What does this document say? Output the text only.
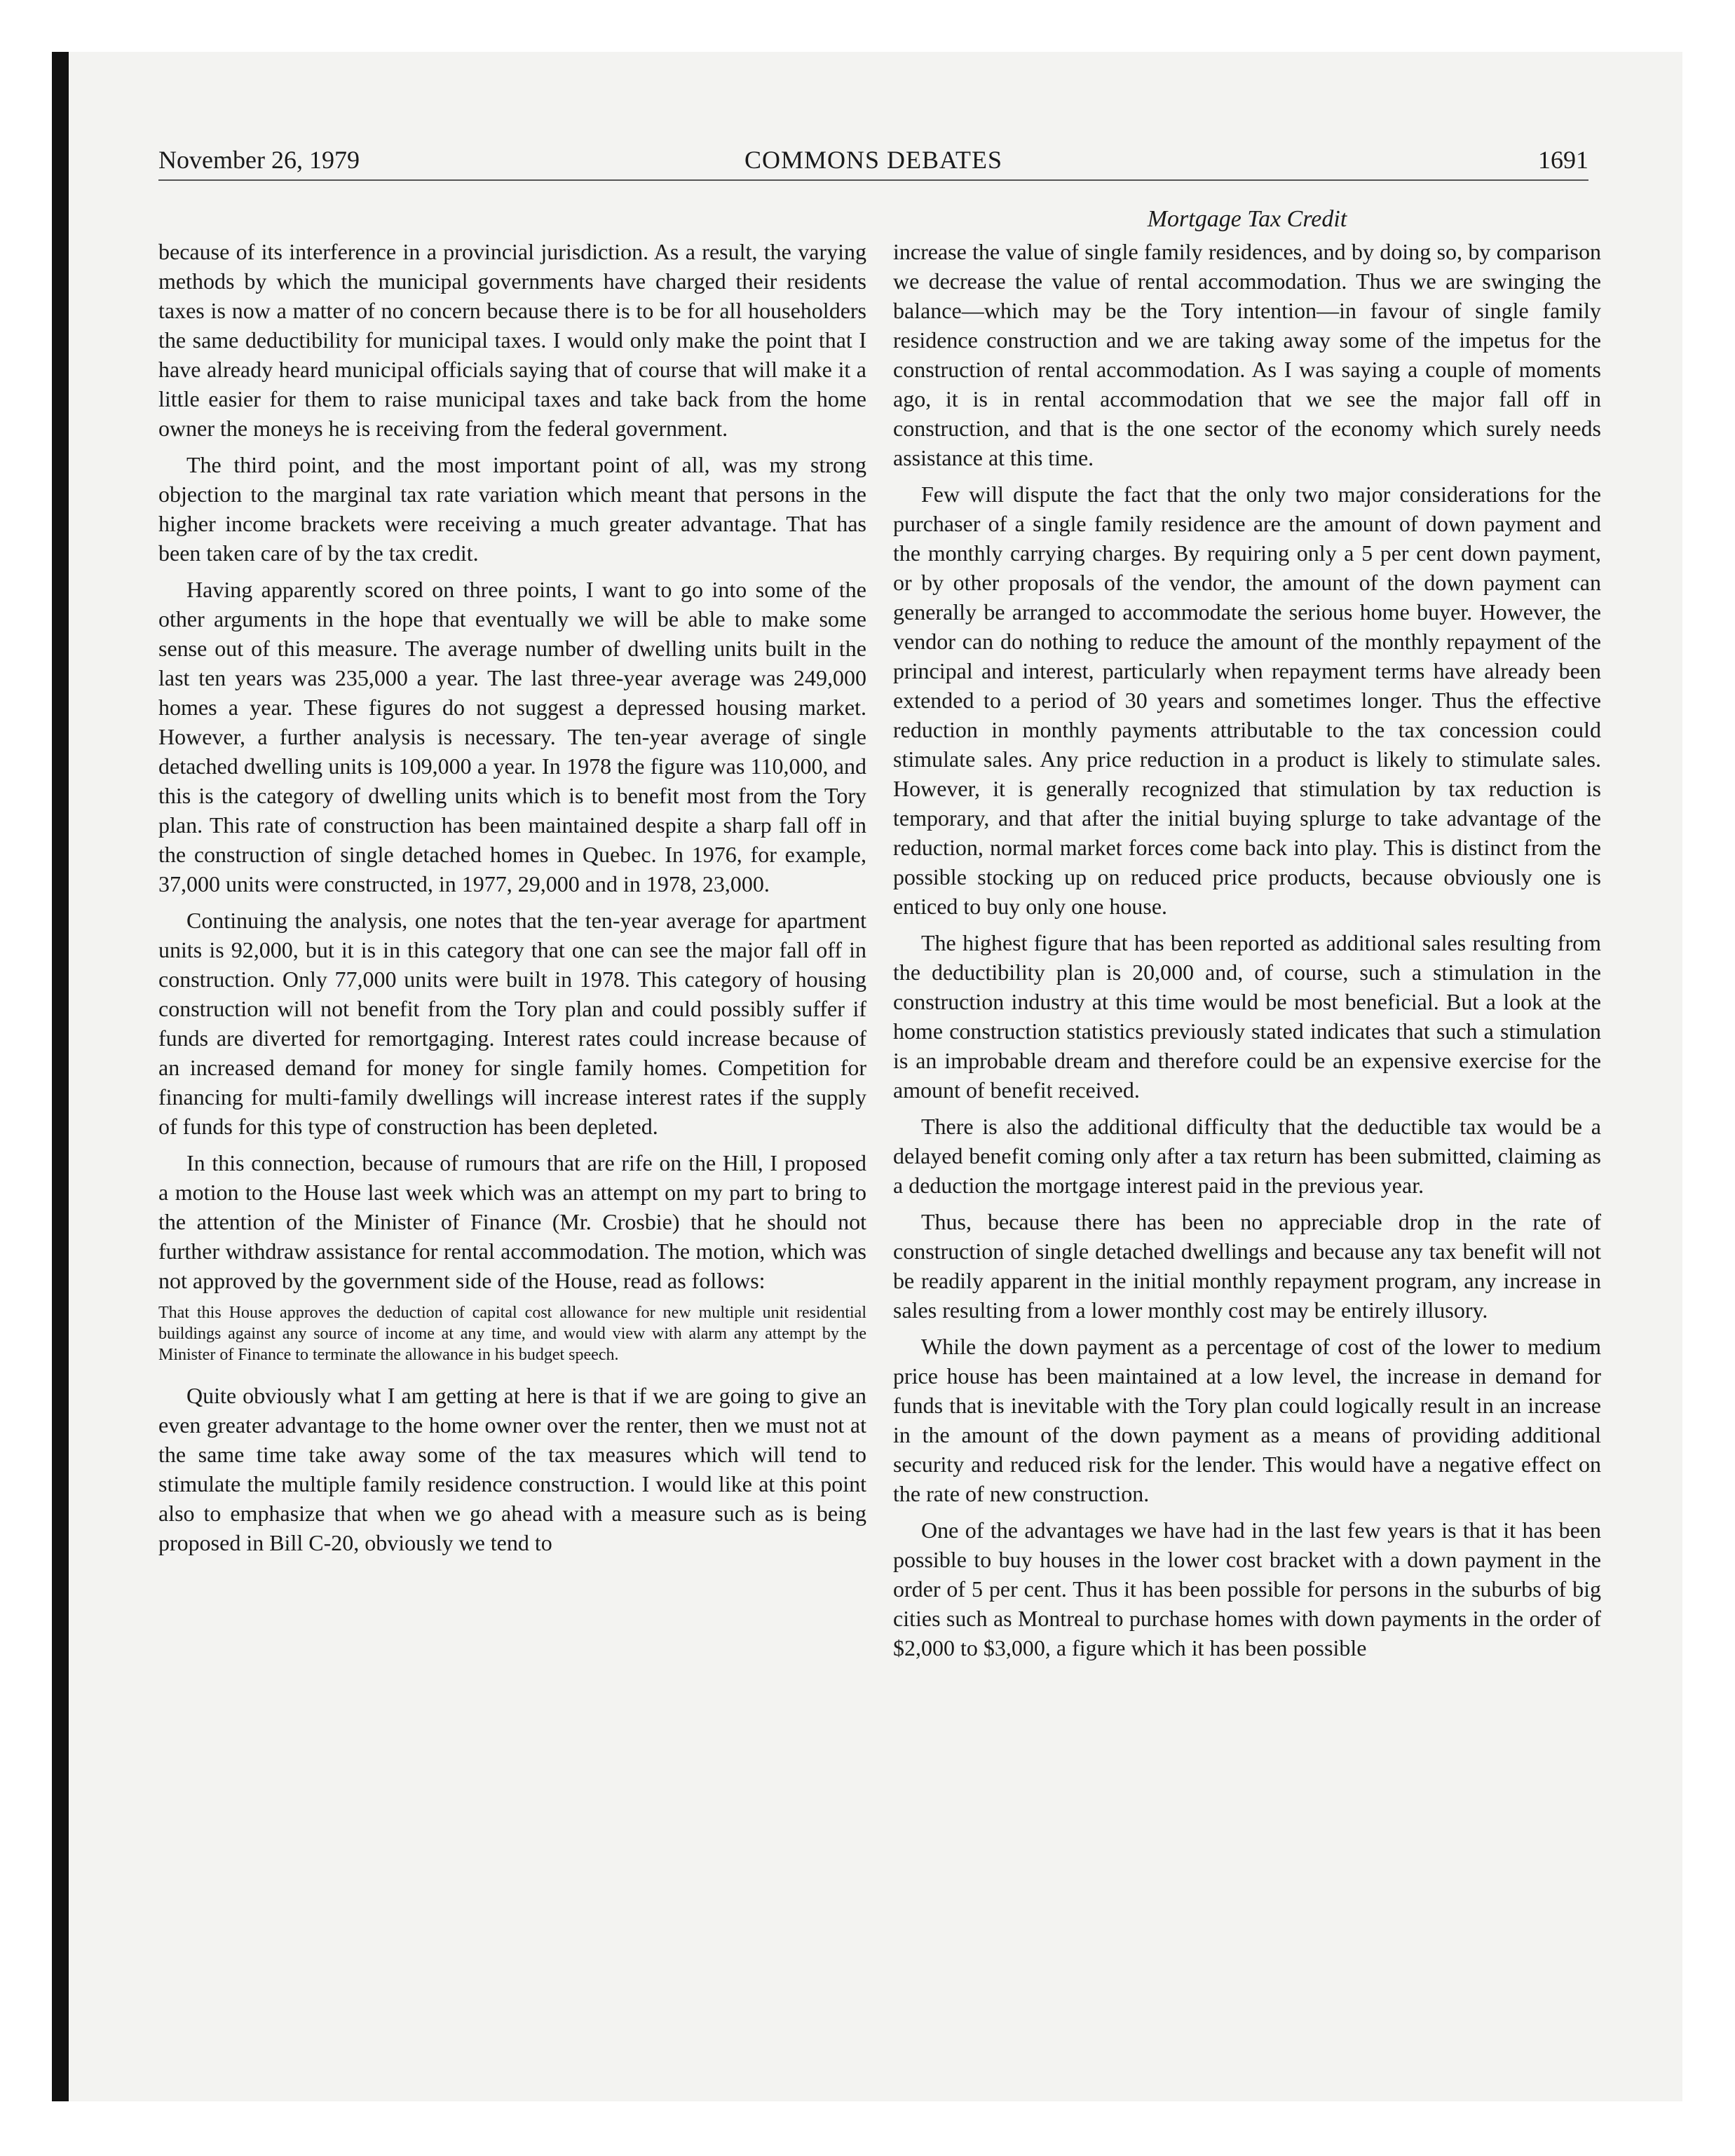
November 26, 1979	COMMONS DEBATES	1691

because of its interference in a provincial jurisdiction. As a result, the varying methods by which the municipal governments have charged their residents taxes is now a matter of no concern because there is to be for all householders the same deductibility for municipal taxes. I would only make the point that I have already heard municipal officials saying that of course that will make it a little easier for them to raise municipal taxes and take back from the home owner the moneys he is receiving from the federal government.

The third point, and the most important point of all, was my strong objection to the marginal tax rate variation which meant that persons in the higher income brackets were receiving a much greater advantage. That has been taken care of by the tax credit.

Having apparently scored on three points, I want to go into some of the other arguments in the hope that eventually we will be able to make some sense out of this measure. The average number of dwelling units built in the last ten years was 235,000 a year. The last three-year average was 249,000 homes a year. These figures do not suggest a depressed housing market. However, a further analysis is necessary. The ten-year average of single detached dwelling units is 109,000 a year. In 1978 the figure was 110,000, and this is the category of dwelling units which is to benefit most from the Tory plan. This rate of construction has been maintained despite a sharp fall off in the construction of single detached homes in Quebec. In 1976, for example, 37,000 units were constructed, in 1977, 29,000 and in 1978, 23,000.

Continuing the analysis, one notes that the ten-year average for apartment units is 92,000, but it is in this category that one can see the major fall off in construction. Only 77,000 units were built in 1978. This category of housing construction will not benefit from the Tory plan and could possibly suffer if funds are diverted for remortgaging. Interest rates could increase because of an increased demand for money for single family homes. Competition for financing for multi-family dwellings will increase interest rates if the supply of funds for this type of construction has been depleted.

In this connection, because of rumours that are rife on the Hill, I proposed a motion to the House last week which was an attempt on my part to bring to the attention of the Minister of Finance (Mr. Crosbie) that he should not further withdraw assistance for rental accommodation. The motion, which was not approved by the government side of the House, read as follows:

That this House approves the deduction of capital cost allowance for new multiple unit residential buildings against any source of income at any time, and would view with alarm any attempt by the Minister of Finance to terminate the allowance in his budget speech.

Quite obviously what I am getting at here is that if we are going to give an even greater advantage to the home owner over the renter, then we must not at the same time take away some of the tax measures which will tend to stimulate the multiple family residence construction. I would like at this point also to emphasize that when we go ahead with a measure such as is being proposed in Bill C-20, obviously we tend to

Mortgage Tax Credit

increase the value of single family residences, and by doing so, by comparison we decrease the value of rental accommodation. Thus we are swinging the balance—which may be the Tory intention—in favour of single family residence construction and we are taking away some of the impetus for the construction of rental accommodation. As I was saying a couple of moments ago, it is in rental accommodation that we see the major fall off in construction, and that is the one sector of the economy which surely needs assistance at this time.

Few will dispute the fact that the only two major considerations for the purchaser of a single family residence are the amount of down payment and the monthly carrying charges. By requiring only a 5 per cent down payment, or by other proposals of the vendor, the amount of the down payment can generally be arranged to accommodate the serious home buyer. However, the vendor can do nothing to reduce the amount of the monthly repayment of the principal and interest, particularly when repayment terms have already been extended to a period of 30 years and sometimes longer. Thus the effective reduction in monthly payments attributable to the tax concession could stimulate sales. Any price reduction in a product is likely to stimulate sales. However, it is generally recognized that stimulation by tax reduction is temporary, and that after the initial buying splurge to take advantage of the reduction, normal market forces come back into play. This is distinct from the possible stocking up on reduced price products, because obviously one is enticed to buy only one house.

The highest figure that has been reported as additional sales resulting from the deductibility plan is 20,000 and, of course, such a stimulation in the construction industry at this time would be most beneficial. But a look at the home construction statistics previously stated indicates that such a stimulation is an improbable dream and therefore could be an expensive exercise for the amount of benefit received.

There is also the additional difficulty that the deductible tax would be a delayed benefit coming only after a tax return has been submitted, claiming as a deduction the mortgage interest paid in the previous year.

Thus, because there has been no appreciable drop in the rate of construction of single detached dwellings and because any tax benefit will not be readily apparent in the initial monthly repayment program, any increase in sales resulting from a lower monthly cost may be entirely illusory.

While the down payment as a percentage of cost of the lower to medium price house has been maintained at a low level, the increase in demand for funds that is inevitable with the Tory plan could logically result in an increase in the amount of the down payment as a means of providing additional security and reduced risk for the lender. This would have a negative effect on the rate of new construction.

One of the advantages we have had in the last few years is that it has been possible to buy houses in the lower cost bracket with a down payment in the order of 5 per cent. Thus it has been possible for persons in the suburbs of big cities such as Montreal to purchase homes with down payments in the order of $2,000 to $3,000, a figure which it has been possible
